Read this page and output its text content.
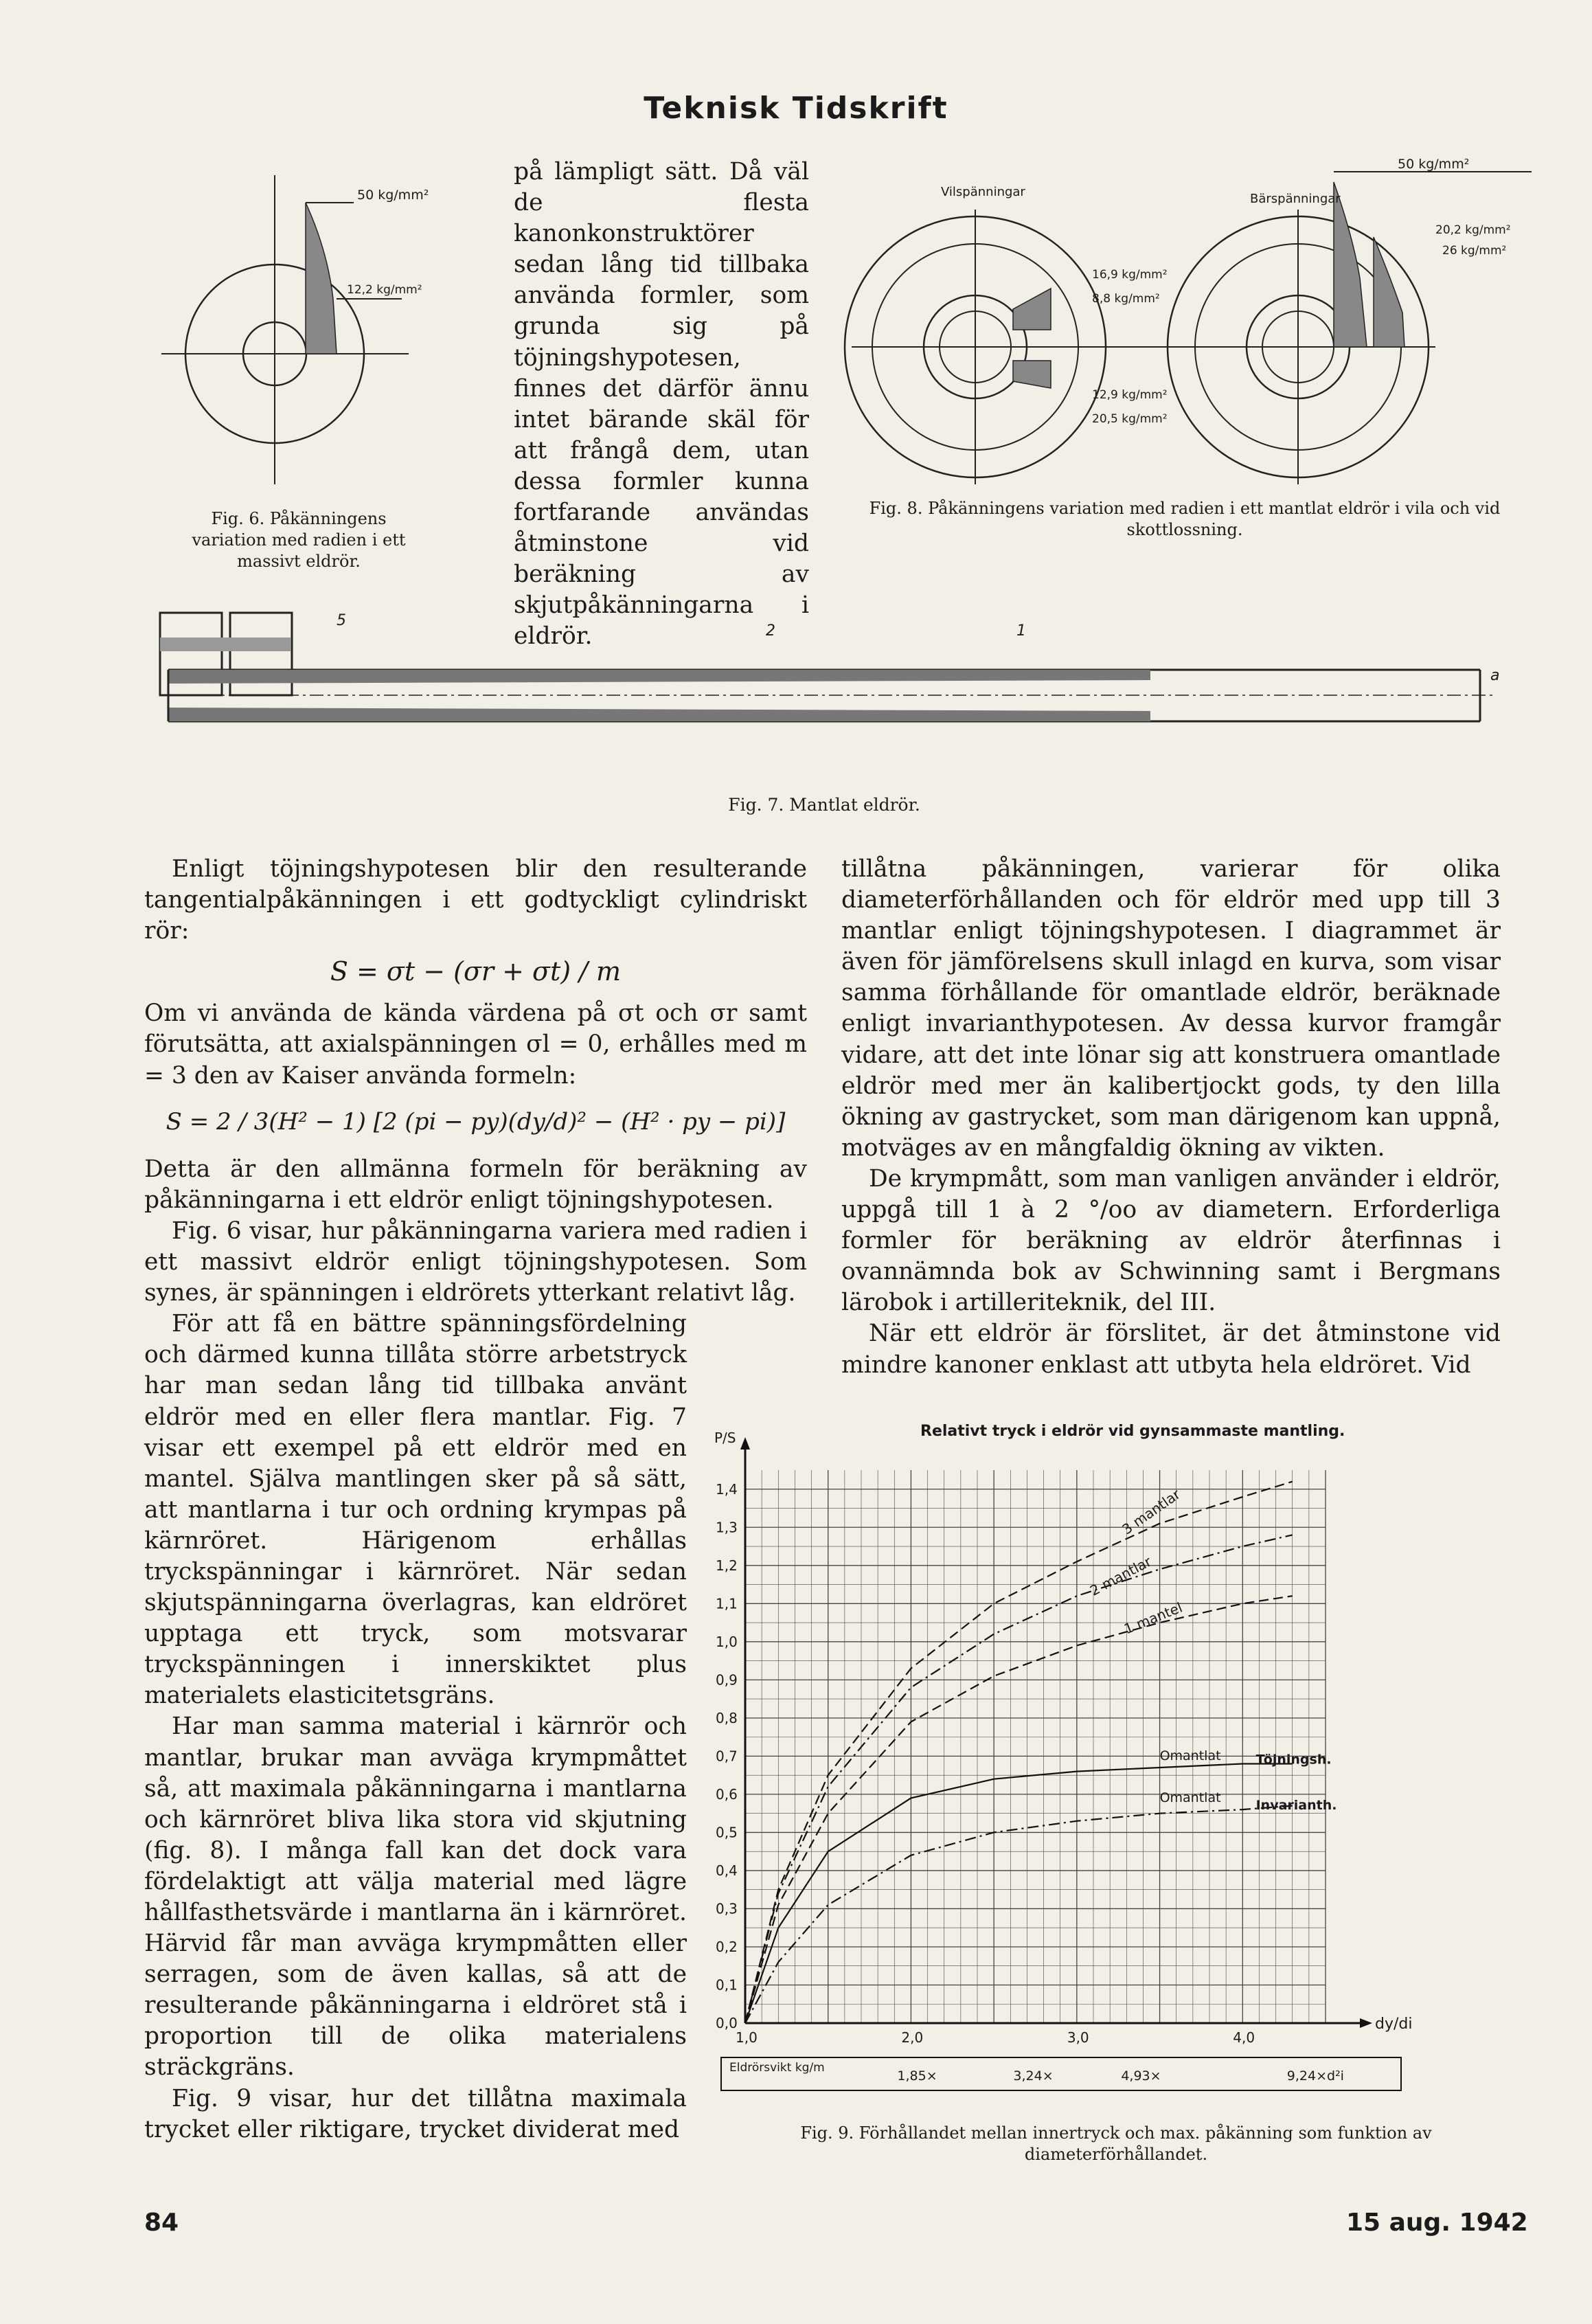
Teknisk Tidskrift
50 kg/mm²
12,2 kg/mm²
Fig. 6. Påkänningens variation med radien i ett massivt eldrör.

på lämpligt sätt. Då väl de flesta kanonkonstruktörer sedan lång tid tillbaka använda formler, som grunda sig på töjningshypotesen, finnes det därför ännu intet bärande skäl för att frångå dem, utan dessa formler kunna fortfarande användas åtminstone vid beräkning av skjutpåkänningarna i eldrör.

Vilspänningar
16,9 kg/mm²
8,8 kg/mm²
12,9 kg/mm²
20,5 kg/mm²
Bärspänningar
50 kg/mm²
20,2 kg/mm²
26 kg/mm²
Fig. 8. Påkänningens variation med radien i ett mantlat eldrör i vila och vid skottlossning.
5
2	1
a
Fig. 7. Mantlat eldrör.

Enligt töjningshypotesen blir den resulterande tangentialpåkänningen i ett godtyckligt cylindriskt rör:

S = σt − (σr + σt) / m

Om vi använda de kända värdena på σt och σr samt förutsätta, att axialspänningen σl = 0, erhålles med m = 3 den av Kaiser använda formeln:

S = 2 / 3(H² − 1) [2 (pi − py)(dy/d)² − (H² · py − pi)]

Detta är den allmänna formeln för beräkning av påkänningarna i ett eldrör enligt töjningshypotesen.

Fig. 6 visar, hur påkänningarna variera med radien i ett massivt eldrör enligt töjningshypotesen. Som synes, är spänningen i eldrörets ytterkant relativt låg.

För att få en bättre spänningsfördelning och därmed kunna tillåta större arbetstryck har man sedan lång tid tillbaka använt eldrör med en eller flera mantlar. Fig. 7 visar ett exempel på ett eldrör med en mantel. Själva mantlingen sker på så sätt, att mantlarna i tur och ordning krympas på kärnröret. Härigenom erhållas tryckspänningar i kärnröret. När sedan skjutspänningarna överlagras, kan eldröret upptaga ett tryck, som motsvarar tryckspänningen i innerskiktet plus materialets elasticitetsgräns.

Har man samma material i kärnrör och mantlar, brukar man avväga krympmåttet så, att maximala påkänningarna i mantlarna och kärnröret bliva lika stora vid skjutning (fig. 8). I många fall kan det dock vara fördelaktigt att välja material med lägre hållfasthetsvärde i mantlarna än i kärnröret. Härvid får man avväga krympmåtten eller serragen, som de även kallas, så att de resulterande påkänningarna i eldröret stå i proportion till de olika materialens sträckgräns.

Fig. 9 visar, hur det tillåtna maximala trycket eller riktigare, trycket dividerat med

tillåtna påkänningen, varierar för olika diameterförhållanden och för eldrör med upp till 3 mantlar enligt töjningshypotesen. I diagrammet är även för jämförelsens skull inlagd en kurva, som visar samma förhållande för omantlade eldrör, beräknade enligt invarianthypotesen. Av dessa kurvor framgår vidare, att det inte lönar sig att konstruera omantlade eldrör med mer än kalibertjockt gods, ty den lilla ökning av gastrycket, som man därigenom kan uppnå, motväges av en mångfaldig ökning av vikten.

De krympmått, som man vanligen använder i eldrör, uppgå till 1 à 2 °/oo av diametern. Erforderliga formler för beräkning av eldrör återfinnas i ovannämnda bok av Schwinning samt i Bergmans lärobok i artilleriteknik, del III.

När ett eldrör är förslitet, är det åtminstone vid mindre kanoner enklast att utbyta hela eldröret. Vid

Relativt tryck i eldrör vid gynsammaste mantling.
0,0
0,1
0,2
0,3
0,4
0,5
0,6
0,7
0,8
0,9
1,0
1,1
1,2
1,3
1,4
P/S
1,0	2,0	3,0	4,0
dy/di
3 mantlar
2 mantlar
1 mantel
Omantlat	Töjningsh.
Omantlat
Invarianth.
Eldrörsvikt kg/m
1,85×	3,24×	4,93×	9,24×d²i
Fig. 9. Förhållandet mellan innertryck och max. påkänning som funktion av diameterförhållandet.
84	15 aug. 1942
